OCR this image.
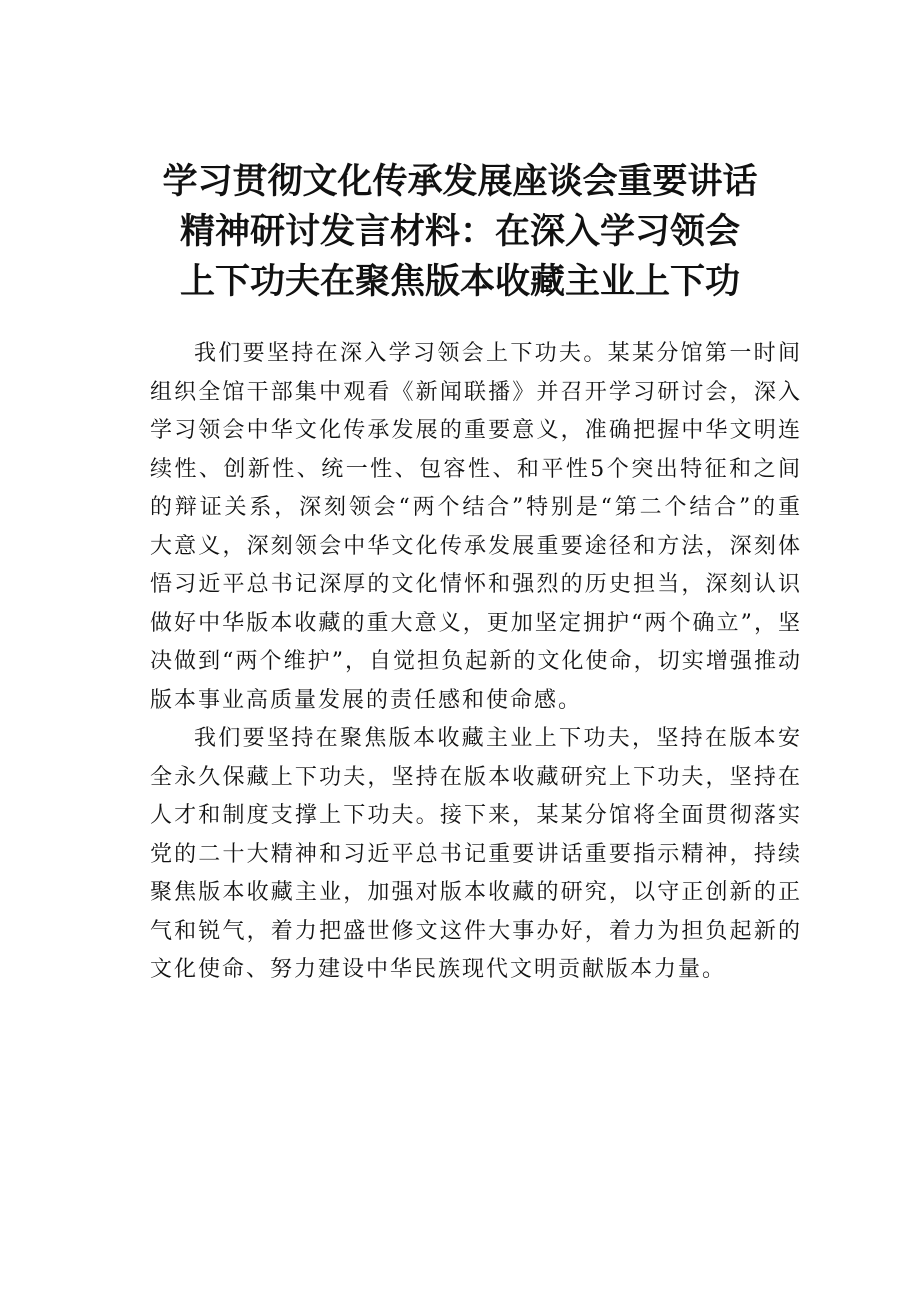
学习贯彻文化传承发展座谈会重要讲话
精神研讨发言材料：在深入学习领会
上下功夫在聚焦版本收藏主业上下功

我们要坚持在深入学习领会上下功夫。某某分馆第一时间组织全馆干部集中观看《新闻联播》并召开学习研讨会，深入学习领会中华文化传承发展的重要意义，准确把握中华文明连续性、创新性、统一性、包容性、和平性5个突出特征和之间的辩证关系，深刻领会“两个结合”特别是“第二个结合”的重大意义，深刻领会中华文化传承发展重要途径和方法，深刻体悟习近平总书记深厚的文化情怀和强烈的历史担当，深刻认识做好中华版本收藏的重大意义，更加坚定拥护“两个确立”，坚决做到“两个维护”，自觉担负起新的文化使命，切实增强推动版本事业高质量发展的责任感和使命感。

我们要坚持在聚焦版本收藏主业上下功夫，坚持在版本安全永久保藏上下功夫，坚持在版本收藏研究上下功夫，坚持在人才和制度支撑上下功夫。接下来，某某分馆将全面贯彻落实党的二十大精神和习近平总书记重要讲话重要指示精神，持续聚焦版本收藏主业，加强对版本收藏的研究，以守正创新的正气和锐气，着力把盛世修文这件大事办好，着力为担负起新的文化使命、努力建设中华民族现代文明贡献版本力量。
